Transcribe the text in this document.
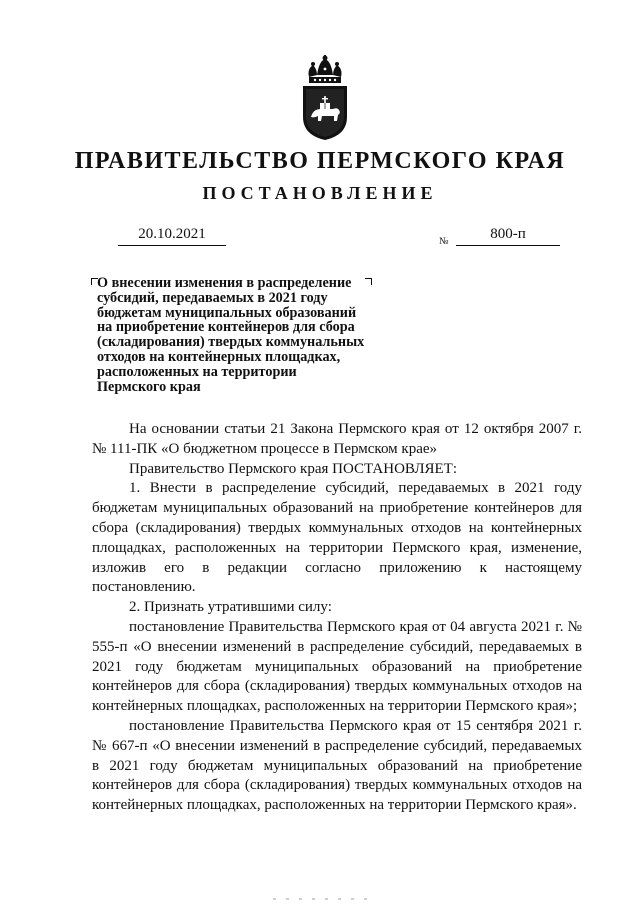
ПРАВИТЕЛЬСТВО ПЕРМСКОГО КРАЯ
ПОСТАНОВЛЕНИЕ
20.10.2021	№	800-п
О внесении изменения в распределение
субсидий, передаваемых в 2021 году
бюджетам муниципальных образований
на приобретение контейнеров для сбора
(складирования) твердых коммунальных
отходов на контейнерных площадках,
расположенных на территории
Пермского края

На основании статьи 21 Закона Пермского края от 12 октября 2007 г. № 111-ПК «О бюджетном процессе в Пермском крае»

Правительство Пермского края ПОСТАНОВЛЯЕТ:

1. Внести в распределение субсидий, передаваемых в 2021 году бюджетам муниципальных образований на приобретение контейнеров для сбора (складирования) твердых коммунальных отходов на контейнерных площадках, расположенных на территории Пермского края, изменение, изложив его в редакции согласно приложению к настоящему постановлению.

2. Признать утратившими силу:

постановление Правительства Пермского края от 04 августа 2021 г. № 555-п «О внесении изменений в распределение субсидий, передаваемых в 2021 году бюджетам муниципальных образований на приобретение контейнеров для сбора (складирования) твердых коммунальных отходов на контейнерных площадках, расположенных на территории Пермского края»;

постановление Правительства Пермского края от 15 сентября 2021 г. № 667-п «О внесении изменений в распределение субсидий, передаваемых в 2021 году бюджетам муниципальных образований на приобретение контейнеров для сбора (складирования) твердых коммунальных отходов на контейнерных площадках, расположенных на территории Пермского края».
